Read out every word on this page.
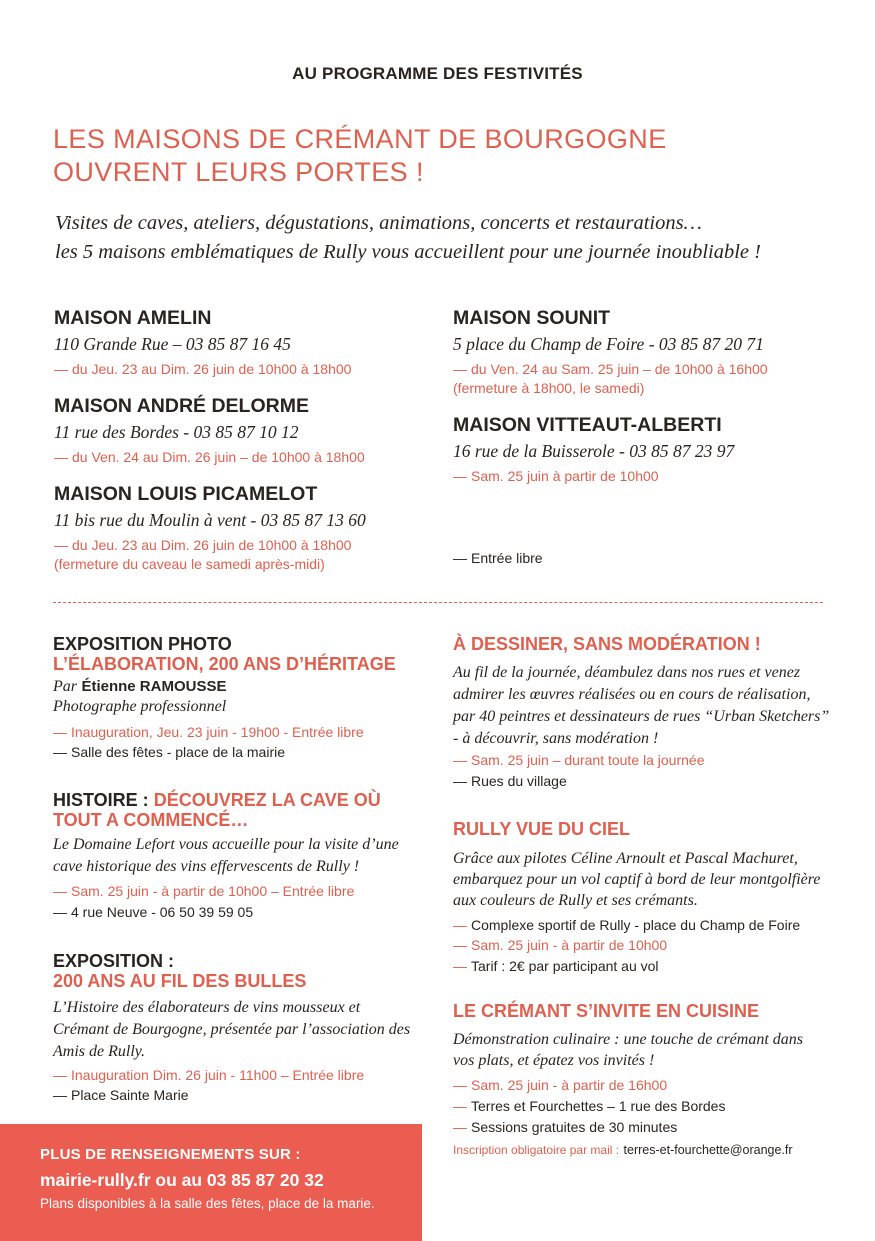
AU PROGRAMME DES FESTIVITÉS
LES MAISONS DE CRÉMANT DE BOURGOGNE
OUVRENT LEURS PORTES !
Visites de caves, ateliers, dégustations, animations, concerts et restaurations…
les 5 maisons emblématiques de Rully vous accueillent pour une journée inoubliable !
MAISON AMELIN
110 Grande Rue – 03 85 87 16 45
— du Jeu. 23 au Dim. 26 juin de 10h00 à 18h00
MAISON ANDRÉ DELORME
11 rue des Bordes - 03 85 87 10 12
— du Ven. 24 au Dim. 26 juin – de 10h00 à 18h00
MAISON LOUIS PICAMELOT
11 bis rue du Moulin à vent - 03 85 87 13 60
— du Jeu. 23 au Dim. 26 juin de 10h00 à 18h00
(fermeture du caveau le samedi après-midi)
MAISON SOUNIT
5 place du Champ de Foire - 03 85 87 20 71
— du Ven. 24 au Sam. 25 juin – de 10h00 à 16h00
(fermeture à 18h00, le samedi)
MAISON VITTEAUT-ALBERTI
16 rue de la Buisserole - 03 85 87 23 97
— Sam. 25 juin à partir de 10h00
— Entrée libre
EXPOSITION PHOTO
L’ÉLABORATION, 200 ANS D’HÉRITAGE
Par Étienne RAMOUSSE
Photographe professionnel
— Inauguration, Jeu. 23 juin - 19h00 - Entrée libre
— Salle des fêtes - place de la mairie
HISTOIRE : DÉCOUVREZ LA CAVE OÙ
TOUT A COMMENCÉ…
Le Domaine Lefort vous accueille pour la visite d’une
cave historique des vins effervescents de Rully !
— Sam. 25 juin - à partir de 10h00 – Entrée libre
— 4 rue Neuve - 06 50 39 59 05
EXPOSITION :
200 ANS AU FIL DES BULLES
L’Histoire des élaborateurs de vins mousseux et
Crémant de Bourgogne, présentée par l’association des
Amis de Rully.
— Inauguration Dim. 26 juin - 11h00 – Entrée libre
— Place Sainte Marie
À DESSINER, SANS MODÉRATION !
Au fil de la journée, déambulez dans nos rues et venez
admirer les œuvres réalisées ou en cours de réalisation,
par 40 peintres et dessinateurs de rues “Urban Sketchers”
- à découvrir, sans modération !
— Sam. 25 juin – durant toute la journée
— Rues du village
RULLY VUE DU CIEL
Grâce aux pilotes Céline Arnoult et Pascal Machuret,
embarquez pour un vol captif à bord de leur montgolfière
aux couleurs de Rully et ses crémants.
— Complexe sportif de Rully - place du Champ de Foire
— Sam. 25 juin - à partir de 10h00
— Tarif : 2€ par participant au vol
LE CRÉMANT S’INVITE EN CUISINE
Démonstration culinaire : une touche de crémant dans
vos plats, et épatez vos invités !
— Sam. 25 juin - à partir de 16h00
— Terres et Fourchettes – 1 rue des Bordes
— Sessions gratuites de 30 minutes
Inscription obligatoire par mail : terres-et-fourchette@orange.fr
PLUS DE RENSEIGNEMENTS SUR :
mairie-rully.fr ou au 03 85 87 20 32
Plans disponibles à la salle des fêtes, place de la marie.
